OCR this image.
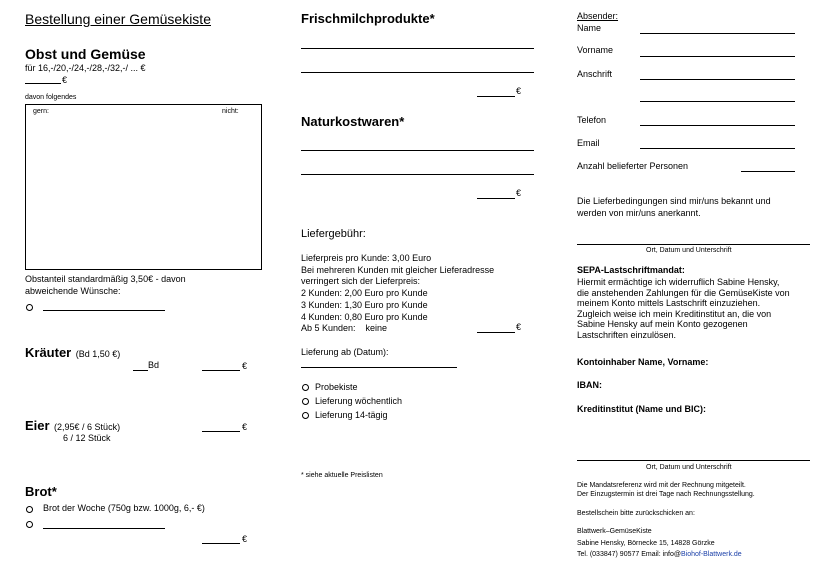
Bestellung einer Gemüsekiste
Obst und Gemüse
für 16,-/20,-/24,-/28,-/32,-/ ... €
€
davon folgendes
gern:	nicht:
Obstanteil standardmäßig 3,50€ - davon
abweichende Wünsche:
Kräuter (Bd 1,50 €)
Bd	€
Eier (2,95€ / 6 Stück)
6 / 12 Stück
€
Brot*
Brot der Woche (750g bzw. 1000g, 6,- €)
€
Frischmilchprodukte*
€
Naturkostwaren*
€
Liefergebühr:
Lieferpreis pro Kunde: 3,00 Euro
Bei mehreren Kunden mit gleicher Lieferadresse
verringert sich der Lieferpreis:
2 Kunden: 2,00 Euro pro Kunde
3 Kunden: 1,30 Euro pro Kunde
4 Kunden: 0,80 Euro pro Kunde
Ab 5 Kunden: keine	€
Lieferung ab (Datum):
Probekiste
Lieferung wöchentlich
Lieferung 14-tägig
* siehe aktuelle Preislisten
Absender:
Name
Vorname
Anschrift
Telefon
Email
Anzahl belieferter Personen
Die Lieferbedingungen sind mir/uns bekannt und
werden von mir/uns anerkannt.
Ort, Datum und Unterschrift
SEPA-Lastschriftmandat:
Hiermit ermächtige ich widerruflich Sabine Hensky,
die anstehenden Zahlungen für die GemüseKiste von
meinem Konto mittels Lastschrift einzuziehen.
Zugleich weise ich mein Kreditinstitut an, die von
Sabine Hensky auf mein Konto gezogenen
Lastschriften einzulösen.
Kontoinhaber Name, Vorname:
IBAN:
Kreditinstitut (Name und BIC):
Ort, Datum und Unterschrift
Die Mandatsreferenz wird mit der Rechnung mitgeteilt.
Der Einzugstermin ist drei Tage nach Rechnungsstellung.
Bestellschein bitte zurückschicken an:
Blattwerk–GemüseKiste
Sabine Hensky, Börnecke 15, 14828 Görzke
Tel. (033847) 90577 Email: info@Biohof-Blattwerk.de
